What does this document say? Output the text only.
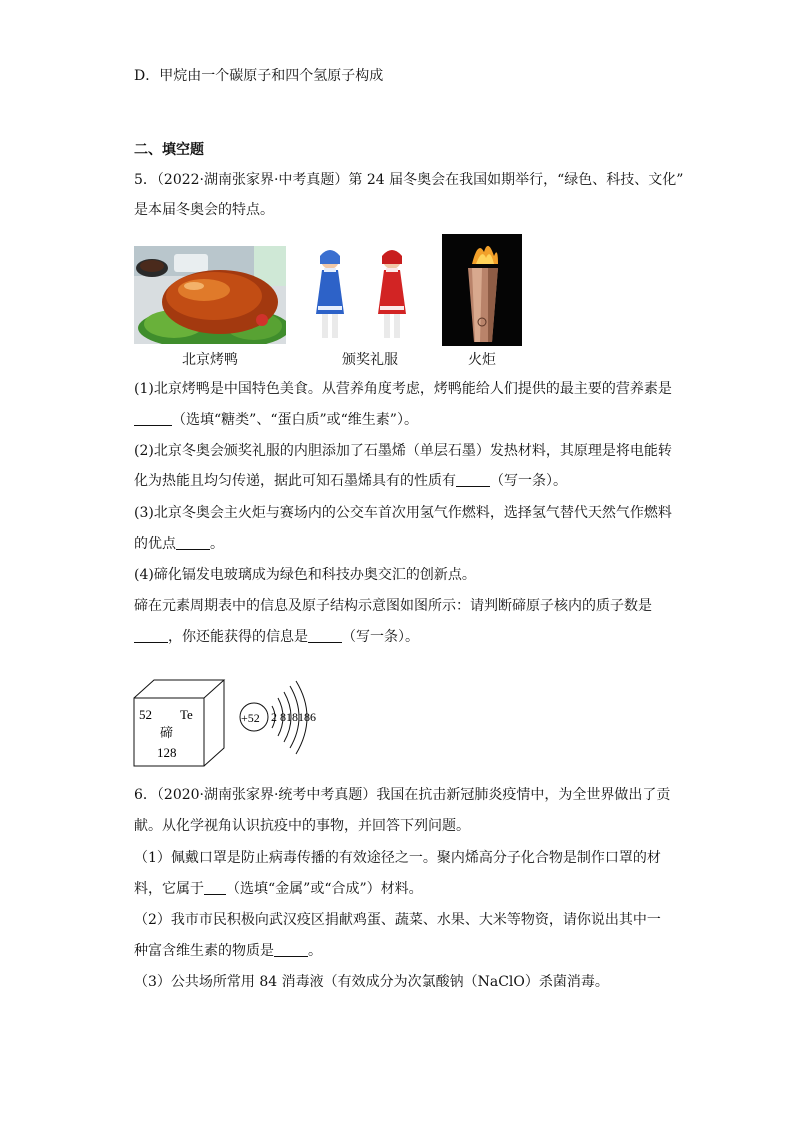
D．甲烷由一个碳原子和四个氢原子构成
二、填空题
5．（2022·湖南张家界·中考真题）第 24 届冬奥会在我国如期举行，“绿色、科技、文化”
是本届冬奥会的特点。
北京烤鸭	颁奖礼服	火炬
(1)北京烤鸭是中国特色美食。从营养角度考虑，烤鸭能给人们提供的最主要的营养素是
（选填“糖类”、“蛋白质”或“维生素”）。
(2)北京冬奥会颁奖礼服的内胆添加了石墨烯（单层石墨）发热材料，其原理是将电能转
化为热能且均匀传递，据此可知石墨烯具有的性质有 （写一条）。
(3)北京冬奥会主火炬与赛场内的公交车首次用氢气作燃料，选择氢气替代天然气作燃料
的优点 。
(4)碲化镉发电玻璃成为绿色和科技办奥交汇的创新点。
碲在元素周期表中的信息及原子结构示意图如图所示：请判断碲原子核内的质子数是
，你还能获得的信息是 （写一条）。
52 Te
碲
128
+52 2 818186
6．（2020·湖南张家界·统考中考真题）我国在抗击新冠肺炎疫情中，为全世界做出了贡
献。从化学视角认识抗疫中的事物，并回答下列问题。
（1）佩戴口罩是防止病毒传播的有效途径之一。聚内烯高分子化合物是制作口罩的材
料，它属于 （选填“金属”或“合成”）材料。
（2）我市市民积极向武汉疫区捐献鸡蛋、蔬菜、水果、大米等物资，请你说出其中一
种富含维生素的物质是 。
（3）公共场所常用 84 消毒液（有效成分为次氯酸钠（NaClO）杀菌消毒。
